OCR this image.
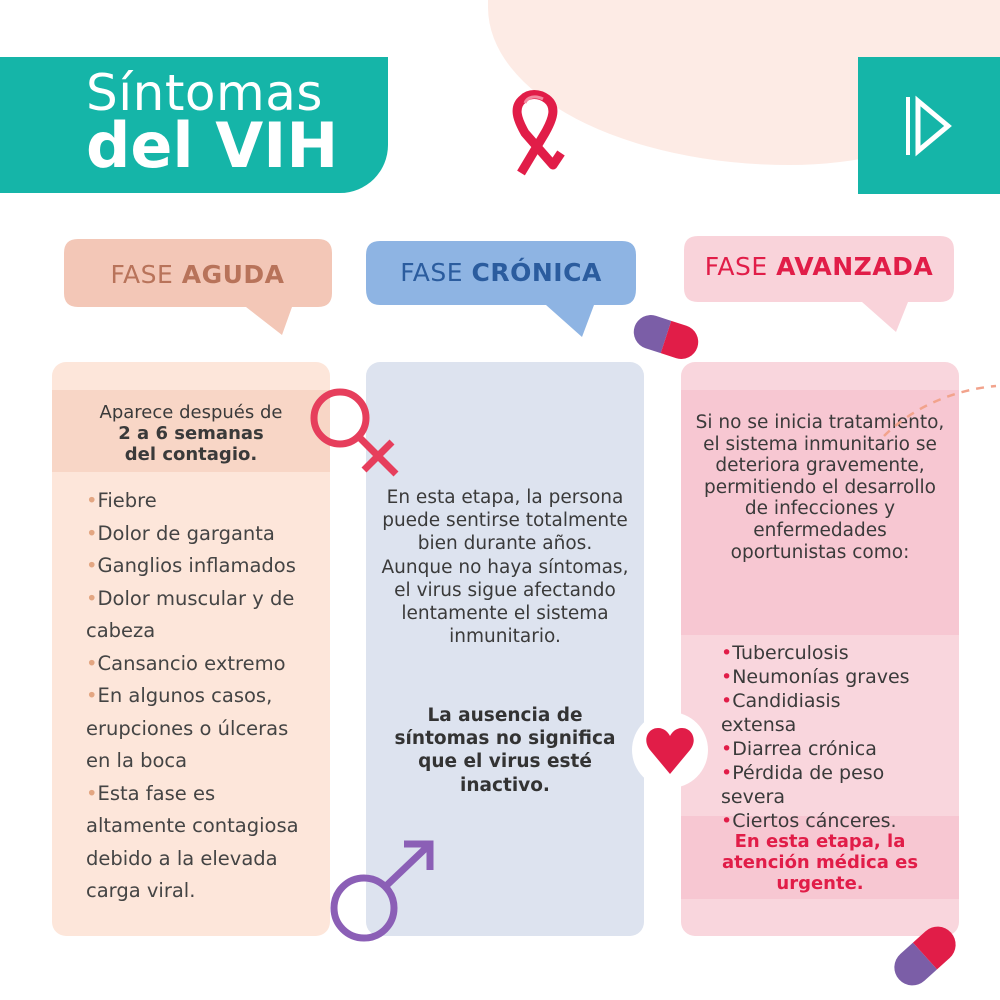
Síntomas
del VIH
FASE AGUDA	FASE CRÓNICA	FASE AVANZADA
Aparece después de
2 a 6 semanas del contagio.
• Fiebre
• Dolor de garganta
• Ganglios inflamados
• Dolor muscular y de cabeza
• Cansancio extremo
• En algunos casos, erupciones o úlceras en la boca
• Esta fase es altamente contagiosa debido a la elevada carga viral.
En esta etapa, la persona puede sentirse totalmente bien durante años. Aunque no haya síntomas, el virus sigue afectando lentamente el sistema inmunitario.
La ausencia de síntomas no significa que el virus esté inactivo.
Si no se inicia tratamiento, el sistema inmunitario se deteriora gravemente, permitiendo el desarrollo de infecciones y enfermedades oportunistas como:
• Tuberculosis
• Neumonías graves
• Candidiasis extensa
• Diarrea crónica
• Pérdida de peso severa
• Ciertos cánceres.
En esta etapa, la atención médica es urgente.
